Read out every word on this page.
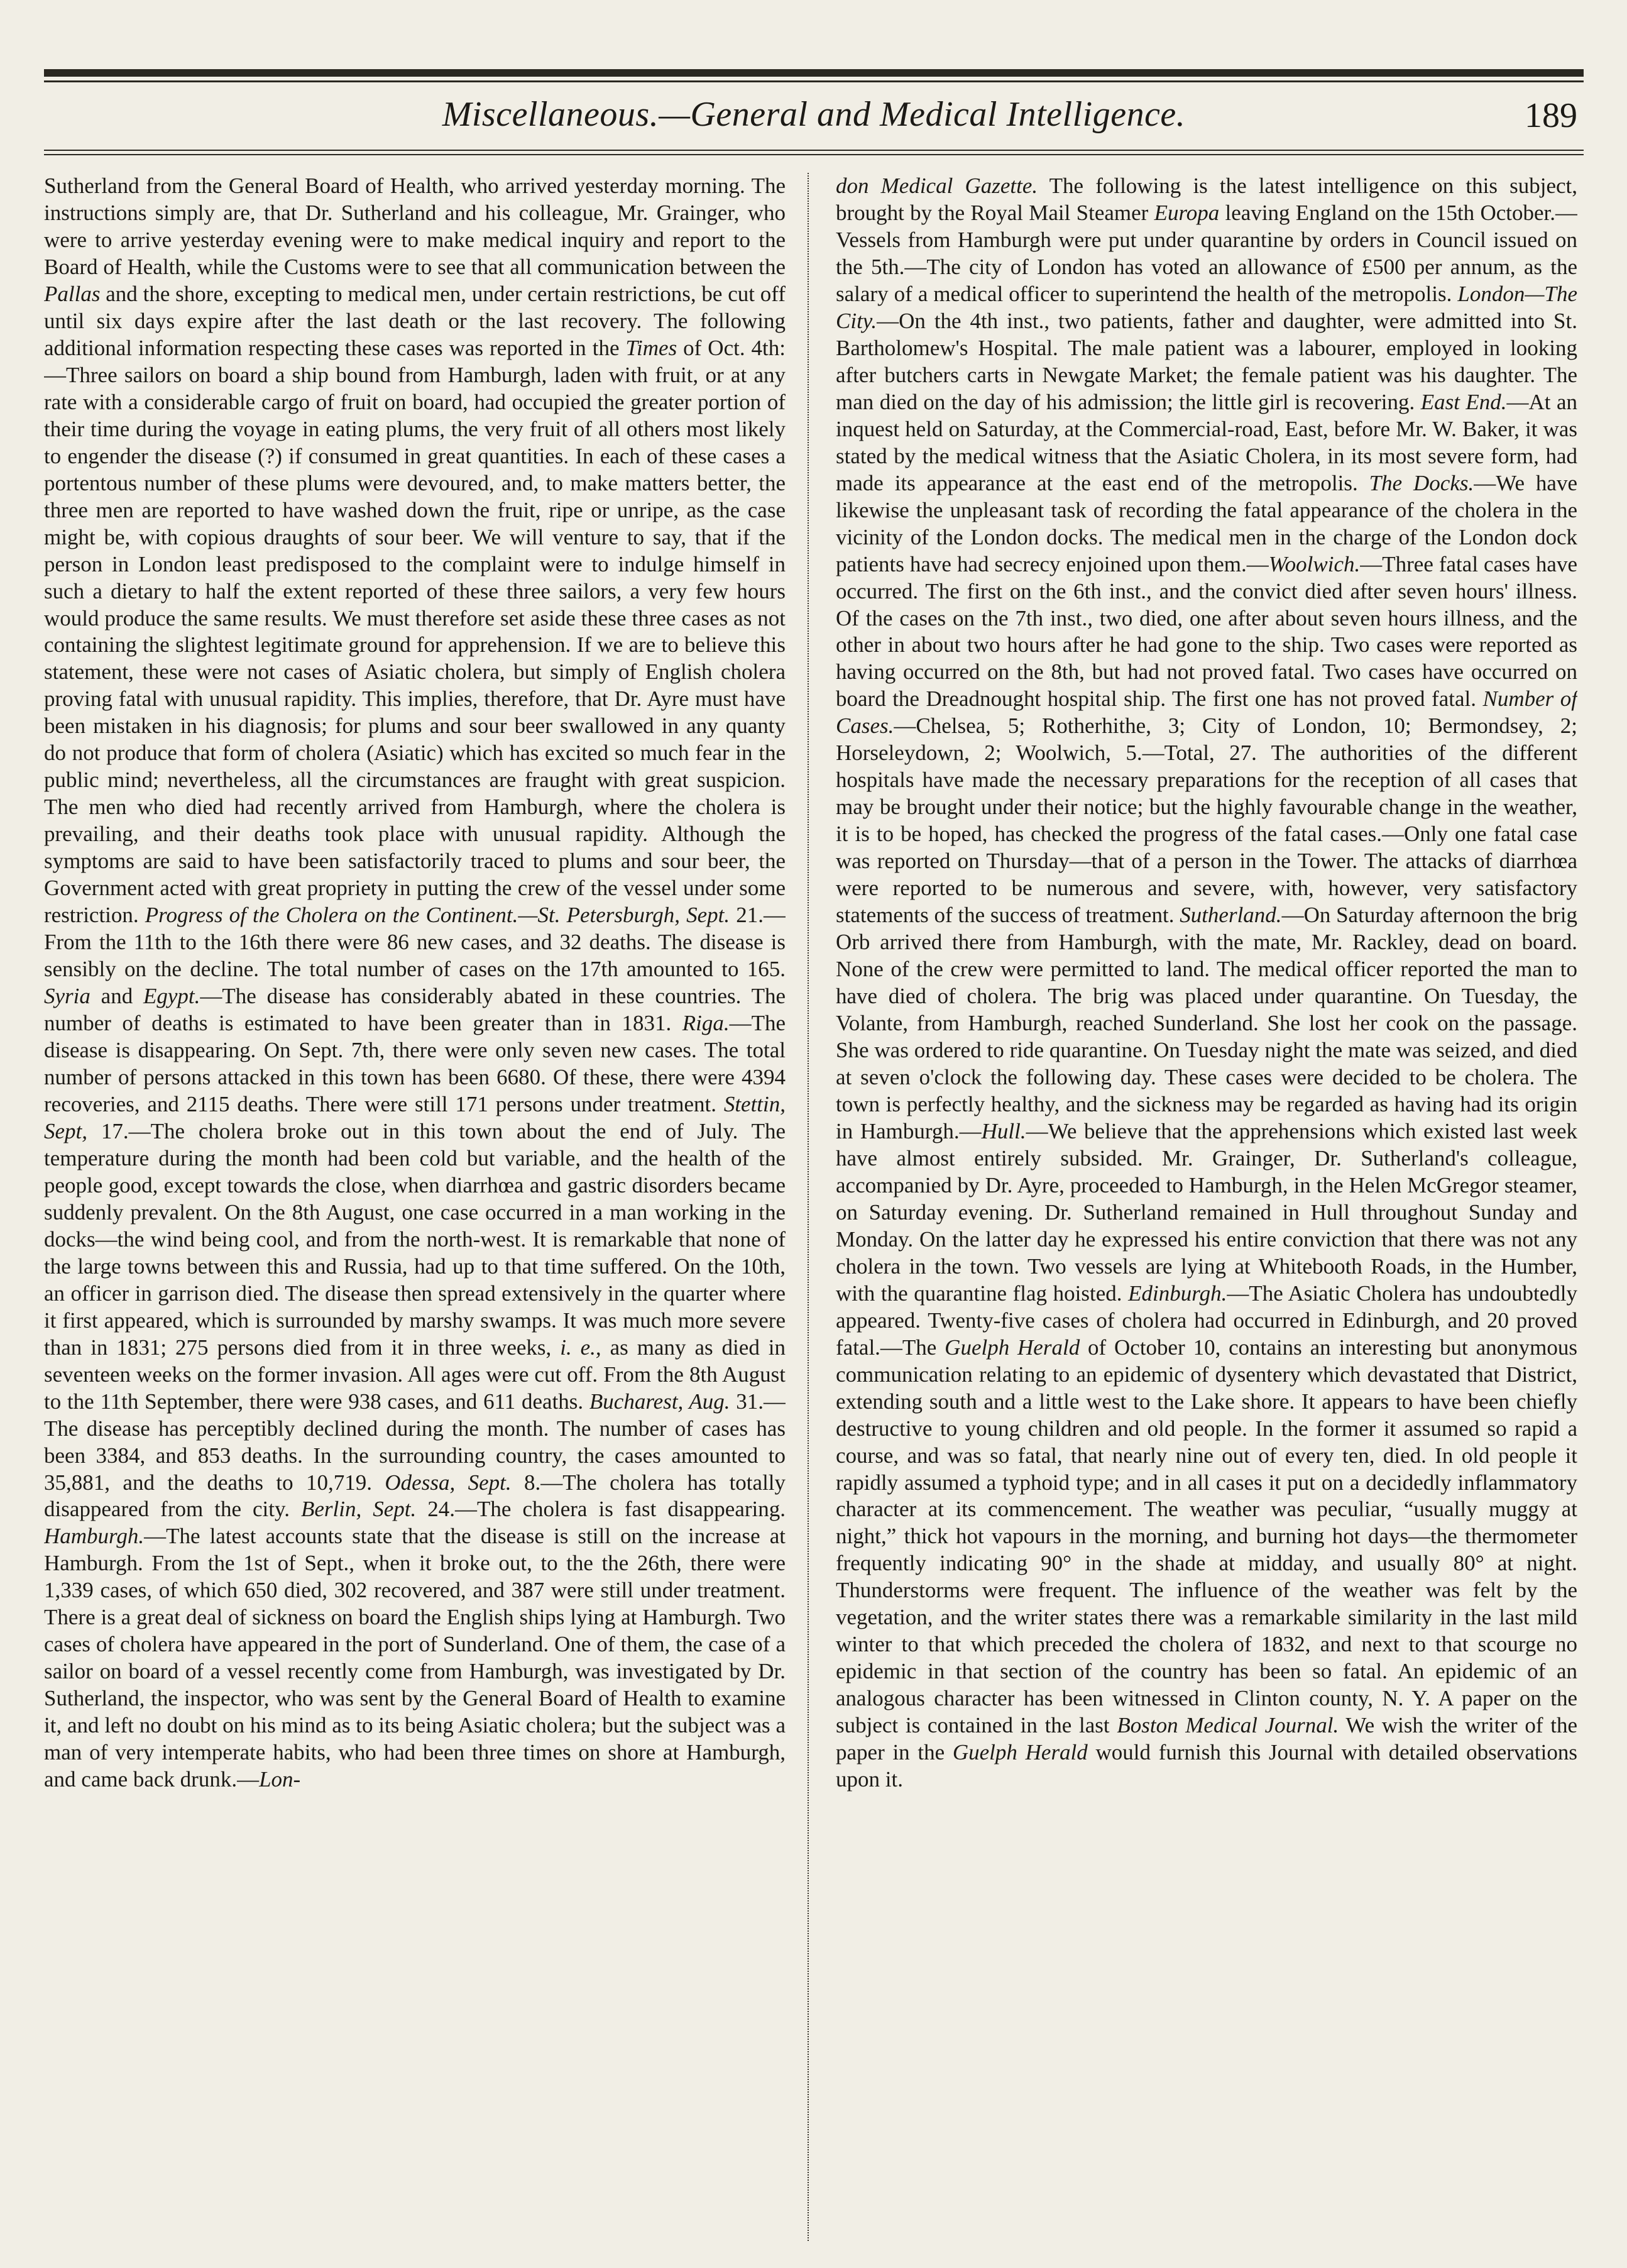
Miscellaneous.—General and Medical Intelligence.	189

Sutherland from the General Board of Health, who arrived yesterday morning. The instructions simply are, that Dr. Sutherland and his colleague, Mr. Grainger, who were to arrive yesterday evening were to make medical inquiry and report to the Board of Health, while the Customs were to see that all communication between the Pallas and the shore, excepting to medical men, under certain restrictions, be cut off until six days expire after the last death or the last recovery. The following additional information respecting these cases was reported in the Times of Oct. 4th:—Three sailors on board a ship bound from Hamburgh, laden with fruit, or at any rate with a considerable cargo of fruit on board, had occupied the greater portion of their time during the voyage in eating plums, the very fruit of all others most likely to engender the disease (?) if consumed in great quantities. In each of these cases a portentous number of these plums were devoured, and, to make matters better, the three men are reported to have washed down the fruit, ripe or unripe, as the case might be, with copious draughts of sour beer. We will venture to say, that if the person in London least predisposed to the complaint were to indulge himself in such a dietary to half the extent reported of these three sailors, a very few hours would produce the same results. We must therefore set aside these three cases as not containing the slightest legitimate ground for apprehension. If we are to believe this statement, these were not cases of Asiatic cholera, but simply of English cholera proving fatal with unusual rapidity. This implies, therefore, that Dr. Ayre must have been mistaken in his diagnosis; for plums and sour beer swallowed in any quanty do not produce that form of cholera (Asiatic) which has excited so much fear in the public mind; nevertheless, all the circumstances are fraught with great suspicion. The men who died had recently arrived from Hamburgh, where the cholera is prevailing, and their deaths took place with unusual rapidity. Although the symptoms are said to have been satisfactorily traced to plums and sour beer, the Government acted with great propriety in putting the crew of the vessel under some restriction. Progress of the Cholera on the Continent.—St. Petersburgh, Sept. 21.—From the 11th to the 16th there were 86 new cases, and 32 deaths. The disease is sensibly on the decline. The total number of cases on the 17th amounted to 165. Syria and Egypt.—The disease has considerably abated in these countries. The number of deaths is estimated to have been greater than in 1831. Riga.—The disease is disappearing. On Sept. 7th, there were only seven new cases. The total number of persons attacked in this town has been 6680. Of these, there were 4394 recoveries, and 2115 deaths. There were still 171 persons under treatment. Stettin, Sept, 17.—The cholera broke out in this town about the end of July. The temperature during the month had been cold but variable, and the health of the people good, except towards the close, when diarrhœa and gastric disorders became suddenly prevalent. On the 8th August, one case occurred in a man working in the docks—the wind being cool, and from the north-west. It is remarkable that none of the large towns between this and Russia, had up to that time suffered. On the 10th, an officer in garrison died. The disease then spread extensively in the quarter where it first appeared, which is surrounded by marshy swamps. It was much more severe than in 1831; 275 persons died from it in three weeks, i. e., as many as died in seventeen weeks on the former invasion. All ages were cut off. From the 8th August to the 11th September, there were 938 cases, and 611 deaths. Bucharest, Aug. 31.—The disease has perceptibly declined during the month. The number of cases has been 3384, and 853 deaths. In the surrounding country, the cases amounted to 35,881, and the deaths to 10,719. Odessa, Sept. 8.—The cholera has totally disappeared from the city. Berlin, Sept. 24.—The cholera is fast disappearing. Hamburgh.—The latest accounts state that the disease is still on the increase at Hamburgh. From the 1st of Sept., when it broke out, to the the 26th, there were 1,339 cases, of which 650 died, 302 recovered, and 387 were still under treatment. There is a great deal of sickness on board the English ships lying at Hamburgh. Two cases of cholera have appeared in the port of Sunderland. One of them, the case of a sailor on board of a vessel recently come from Hamburgh, was investigated by Dr. Sutherland, the inspector, who was sent by the General Board of Health to examine it, and left no doubt on his mind as to its being Asiatic cholera; but the subject was a man of very intemperate habits, who had been three times on shore at Hamburgh, and came back drunk.—Lon-

don Medical Gazette. The following is the latest intelligence on this subject, brought by the Royal Mail Steamer Europa leaving England on the 15th October.—Vessels from Hamburgh were put under quarantine by orders in Council issued on the 5th.—The city of London has voted an allowance of £500 per annum, as the salary of a medical officer to superintend the health of the metropolis. London—The City.—On the 4th inst., two patients, father and daughter, were admitted into St. Bartholomew's Hospital. The male patient was a labourer, employed in looking after butchers carts in Newgate Market; the female patient was his daughter. The man died on the day of his admission; the little girl is recovering. East End.—At an inquest held on Saturday, at the Commercial-road, East, before Mr. W. Baker, it was stated by the medical witness that the Asiatic Cholera, in its most severe form, had made its appearance at the east end of the metropolis. The Docks.—We have likewise the unpleasant task of recording the fatal appearance of the cholera in the vicinity of the London docks. The medical men in the charge of the London dock patients have had secrecy enjoined upon them.—Woolwich.—Three fatal cases have occurred. The first on the 6th inst., and the convict died after seven hours' illness. Of the cases on the 7th inst., two died, one after about seven hours illness, and the other in about two hours after he had gone to the ship. Two cases were reported as having occurred on the 8th, but had not proved fatal. Two cases have occurred on board the Dreadnought hospital ship. The first one has not proved fatal. Number of Cases.—Chelsea, 5; Rotherhithe, 3; City of London, 10; Bermondsey, 2; Horseleydown, 2; Woolwich, 5.—Total, 27. The authorities of the different hospitals have made the necessary preparations for the reception of all cases that may be brought under their notice; but the highly favourable change in the weather, it is to be hoped, has checked the progress of the fatal cases.—Only one fatal case was reported on Thursday—that of a person in the Tower. The attacks of diarrhœa were reported to be numerous and severe, with, however, very satisfactory statements of the success of treatment. Sutherland.—On Saturday afternoon the brig Orb arrived there from Hamburgh, with the mate, Mr. Rackley, dead on board. None of the crew were permitted to land. The medical officer reported the man to have died of cholera. The brig was placed under quarantine. On Tuesday, the Volante, from Hamburgh, reached Sunderland. She lost her cook on the passage. She was ordered to ride quarantine. On Tuesday night the mate was seized, and died at seven o'clock the following day. These cases were decided to be cholera. The town is perfectly healthy, and the sickness may be regarded as having had its origin in Hamburgh.—Hull.—We believe that the apprehensions which existed last week have almost entirely subsided. Mr. Grainger, Dr. Sutherland's colleague, accompanied by Dr. Ayre, proceeded to Hamburgh, in the Helen McGregor steamer, on Saturday evening. Dr. Sutherland remained in Hull throughout Sunday and Monday. On the latter day he expressed his entire conviction that there was not any cholera in the town. Two vessels are lying at Whitebooth Roads, in the Humber, with the quarantine flag hoisted. Edinburgh.—The Asiatic Cholera has undoubtedly appeared. Twenty-five cases of cholera had occurred in Edinburgh, and 20 proved fatal.—The Guelph Herald of October 10, contains an interesting but anonymous communication relating to an epidemic of dysentery which devastated that District, extending south and a little west to the Lake shore. It appears to have been chiefly destructive to young children and old people. In the former it assumed so rapid a course, and was so fatal, that nearly nine out of every ten, died. In old people it rapidly assumed a typhoid type; and in all cases it put on a decidedly inflammatory character at its commencement. The weather was peculiar, “usually muggy at night,” thick hot vapours in the morning, and burning hot days—the thermometer frequently indicating 90° in the shade at midday, and usually 80° at night. Thunderstorms were frequent. The influence of the weather was felt by the vegetation, and the writer states there was a remarkable similarity in the last mild winter to that which preceded the cholera of 1832, and next to that scourge no epidemic in that section of the country has been so fatal. An epidemic of an analogous character has been witnessed in Clinton county, N. Y. A paper on the subject is contained in the last Boston Medical Journal. We wish the writer of the paper in the Guelph Herald would furnish this Journal with detailed observations upon it.
